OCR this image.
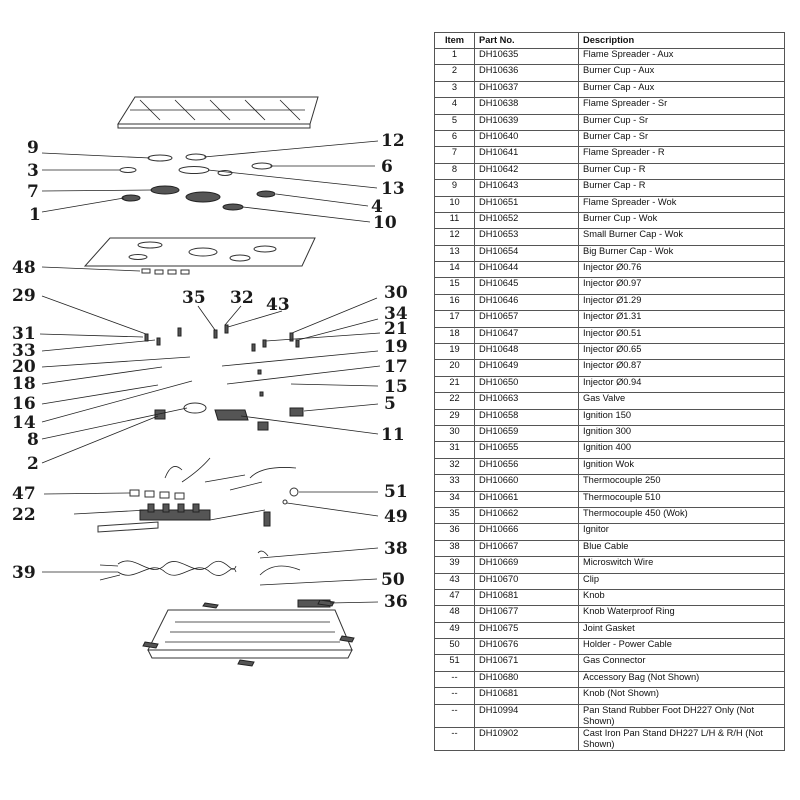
9	12
3	6
7	13
1	4
10
48
29	35 32 43
30
34
31	21
33	19
20	17
18	15
16
14
5
8	11
2
47	51
22	49
38
39	50
36
Item	Part No.	Description
1	DH10635	Flame Spreader - Aux
2	DH10636	Burner Cup - Aux
3	DH10637	Burner Cap - Aux
4	DH10638	Flame Spreader - Sr
5	DH10639	Burner Cup - Sr
6	DH10640	Burner Cap - Sr
7	DH10641	Flame Spreader - R
8	DH10642	Burner Cup - R
9	DH10643	Burner Cap - R
10	DH10651	Flame Spreader - Wok
11	DH10652	Burner Cup - Wok
12	DH10653	Small Burner Cap - Wok
13	DH10654	Big Burner Cap - Wok
14	DH10644	Injector Ø0.76
15	DH10645	Injector Ø0.97
16	DH10646	Injector Ø1.29
17	DH10657	Injector Ø1.31
18	DH10647	Injector Ø0.51
19	DH10648	Injector Ø0.65
20	DH10649	Injector Ø0.87
21	DH10650	Injector Ø0.94
22	DH10663	Gas Valve
29	DH10658	Ignition 150
30	DH10659	Ignition 300
31	DH10655	Ignition 400
32	DH10656	Ignition Wok
33	DH10660	Thermocouple 250
34	DH10661	Thermocouple 510
35	DH10662	Thermocouple 450 (Wok)
36	DH10666	Ignitor
38	DH10667	Blue Cable
39	DH10669	Microswitch Wire
43	DH10670	Clip
47	DH10681	Knob
48	DH10677	Knob Waterproof Ring
49	DH10675	Joint Gasket
50	DH10676	Holder - Power Cable
51	DH10671	Gas Connector
--	DH10680	Accessory Bag (Not Shown)
--	DH10681	Knob (Not Shown)
--	DH10994	Pan Stand Rubber Foot DH227 Only (Not Shown)
--	DH10902	Cast Iron Pan Stand DH227 L/H & R/H (Not Shown)
